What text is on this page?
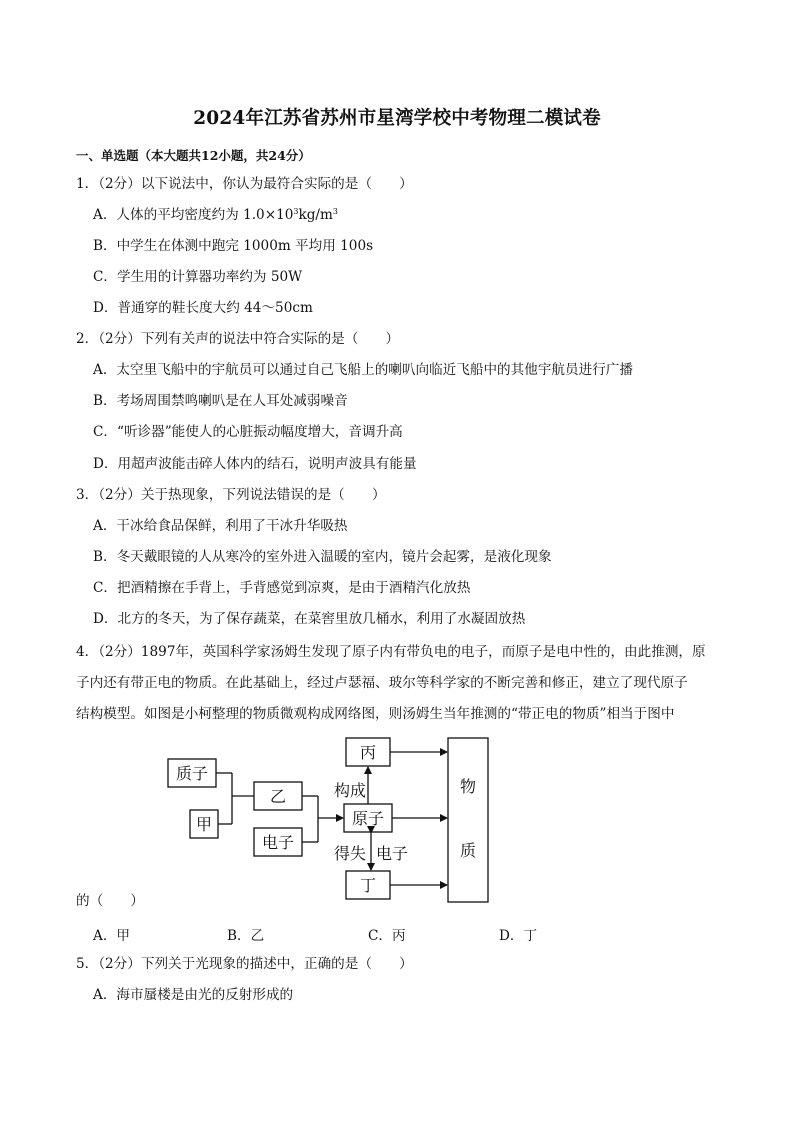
2024年江苏省苏州市星湾学校中考物理二模试卷
一、单选题（本大题共12小题，共24分）
1．（2分）以下说法中，你认为最符合实际的是（　　）
A．人体的平均密度约为 $1.0\times 10^3kg/m^3$
B．中学生在体测中跑完 1000m 平均用 100s
C．学生用的计算器功率约为 50W
D．普通穿的鞋长度大约 44～50cm
2．（2分）下列有关声的说法中符合实际的是（　　）
A．太空里飞船中的宇航员可以通过自己飞船上的喇叭向临近飞船中的其他宇航员进行广播
B．考场周围禁鸣喇叭是在人耳处减弱噪音
C．“听诊器”能使人的心脏振动幅度增大，音调升高
D．用超声波能击碎人体内的结石，说明声波具有能量
3．（2分）关于热现象，下列说法错误的是（　　）
A．干冰给食品保鲜，利用了干冰升华吸热
B．冬天戴眼镜的人从寒冷的室外进入温暖的室内，镜片会起雾，是液化现象
C．把酒精擦在手背上，手背感觉到凉爽，是由于酒精汽化放热
D．北方的冬天，为了保存蔬菜，在菜窖里放几桶水，利用了水凝固放热
4．（2分）1897年，英国科学家汤姆生发现了原子内有带负电的电子，而原子是电中性的，由此推测，原
子内还有带正电的物质。在此基础上，经过卢瑟福、玻尔等科学家的不断完善和修正，建立了现代原子
结构模型。如图是小柯整理的物质微观构成网络图，则汤姆生当年推测的“带正电的物质”相当于图中
质子
甲
乙
电子
丙
原子
丁
构成
得失 电子
物
质
的（　　）
A．甲	B．乙	C．丙	D．丁
5．（2分）下列关于光现象的描述中，正确的是（　　）
A．海市蜃楼是由光的反射形成的
